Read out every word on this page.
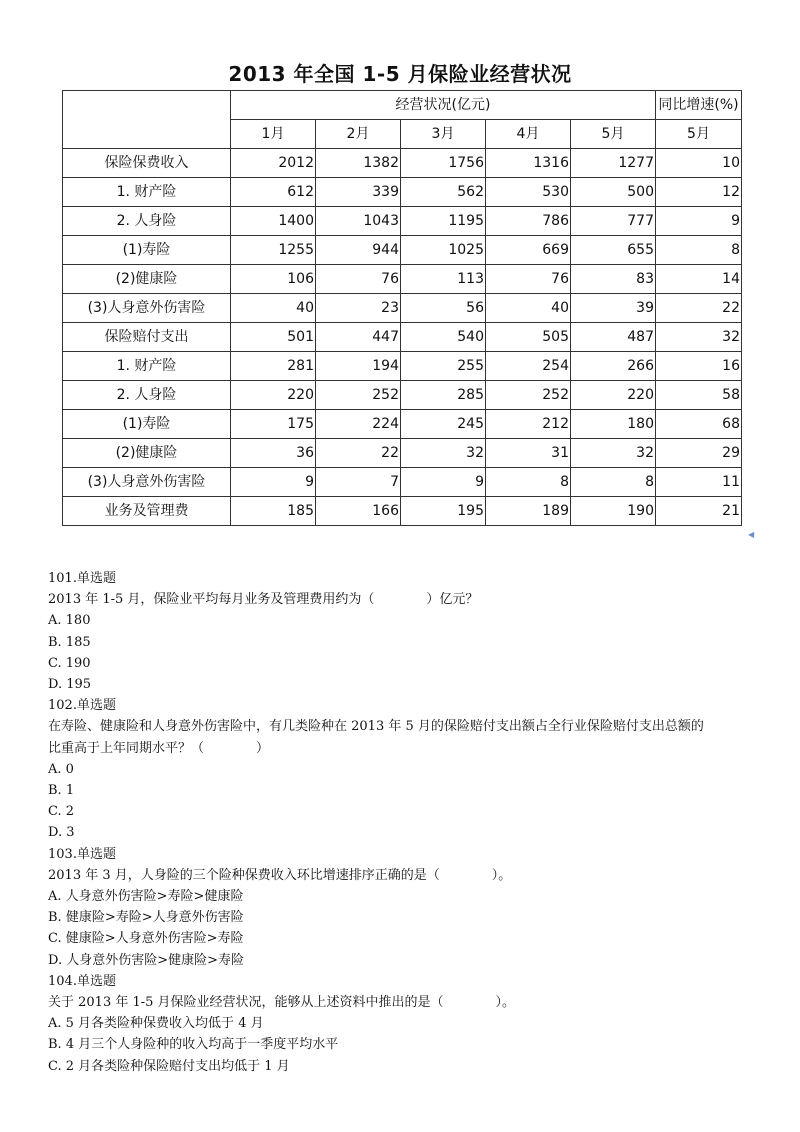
2013 年全国 1-5 月保险业经营状况
	经营状况(亿元)					同比增速(%)
	1月	2月	3月	4月	5月	5月
保险保费收入	2012	1382	1756	1316	1277	10
1. 财产险	612	339	562	530	500	12
2. 人身险	1400	1043	1195	786	777	9
(1)寿险	1255	944	1025	669	655	8
(2)健康险	106	76	113	76	83	14
(3)人身意外伤害险	40	23	56	40	39	22
保险赔付支出	501	447	540	505	487	32
1. 财产险	281	194	255	254	266	16
2. 人身险	220	252	285	252	220	58
(1)寿险	175	224	245	212	180	68
(2)健康险	36	22	32	31	32	29
(3)人身意外伤害险	9	7	9	8	8	11
业务及管理费	185	166	195	189	190	21
◀
101.单选题
2013 年 1-5 月，保险业平均每月业务及管理费用约为（　　　　）亿元？
A. 180
B. 185
C. 190
D. 195
102.单选题
在寿险、健康险和人身意外伤害险中，有几类险种在 2013 年 5 月的保险赔付支出额占全行业保险赔付支出总额的
比重高于上年同期水平？（　　　　）
A. 0
B. 1
C. 2
D. 3
103.单选题
2013 年 3 月，人身险的三个险种保费收入环比增速排序正确的是（　　　　）。
A. 人身意外伤害险>寿险>健康险
B. 健康险>寿险>人身意外伤害险
C. 健康险>人身意外伤害险>寿险
D. 人身意外伤害险>健康险>寿险
104.单选题
关于 2013 年 1-5 月保险业经营状况，能够从上述资料中推出的是（　　　　）。
A. 5 月各类险种保费收入均低于 4 月
B. 4 月三个人身险种的收入均高于一季度平均水平
C. 2 月各类险种保险赔付支出均低于 1 月
